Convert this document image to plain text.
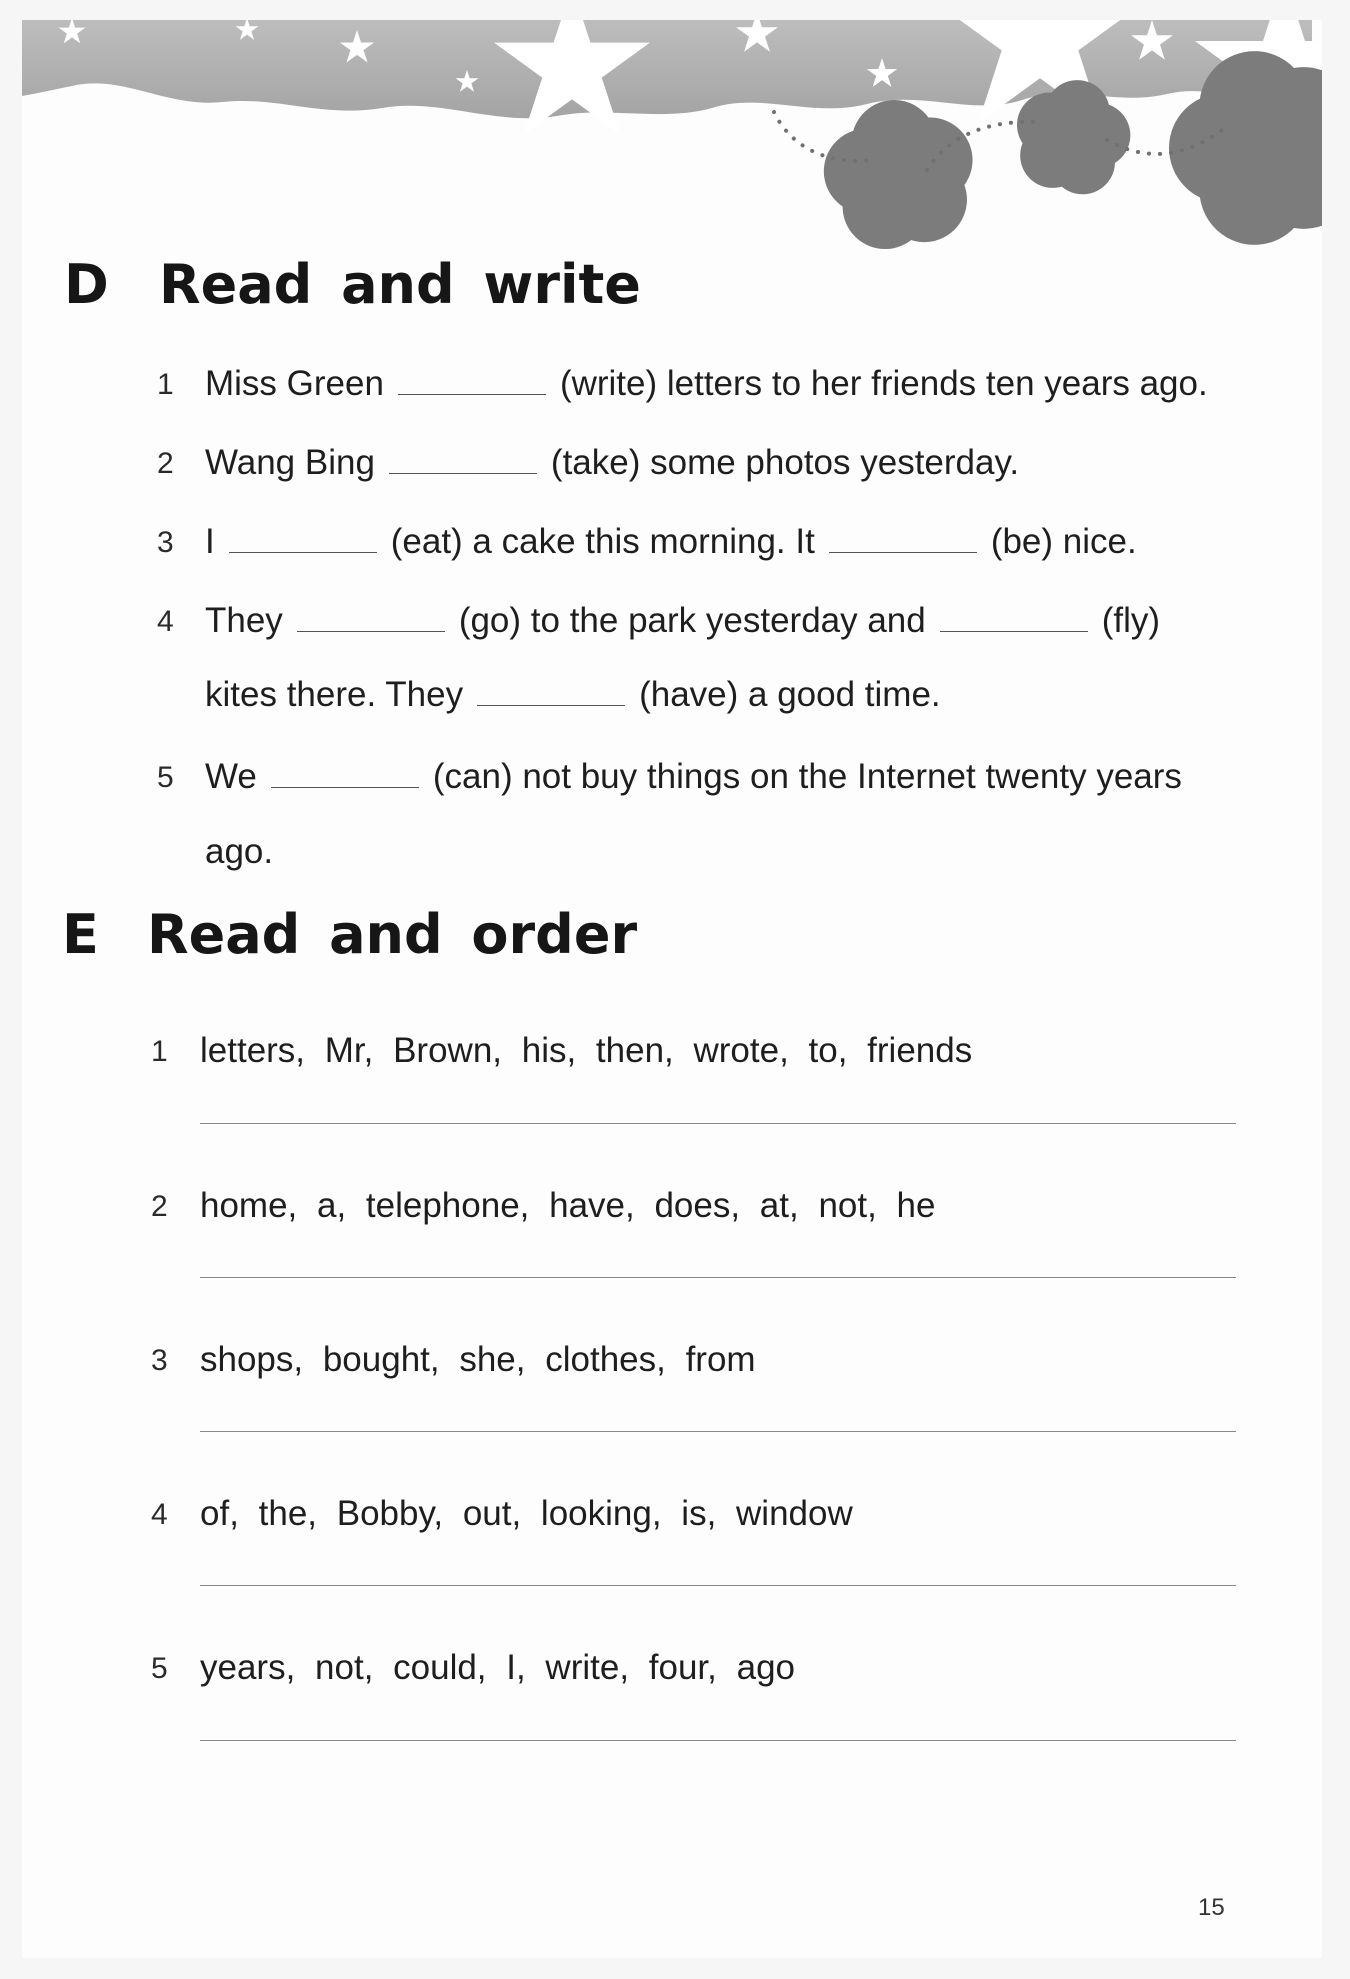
D Read and write
1 Miss Green	(write) letters to her friends ten years ago.
2 Wang Bing	(take) some photos yesterday.
3 I	(eat) a cake this morning. It	(be) nice.
4 They	(go) to the park yesterday and	(fly)
kites there. They	(have) a good time.
5 We	(can) not buy things on the Internet twenty years
ago.
E Read and order
1 letters, Mr, Brown, his, then, wrote, to, friends
2 home, a, telephone, have, does, at, not, he
3 shops, bought, she, clothes, from
4 of, the, Bobby, out, looking, is, window
5 years, not, could, I, write, four, ago
15
